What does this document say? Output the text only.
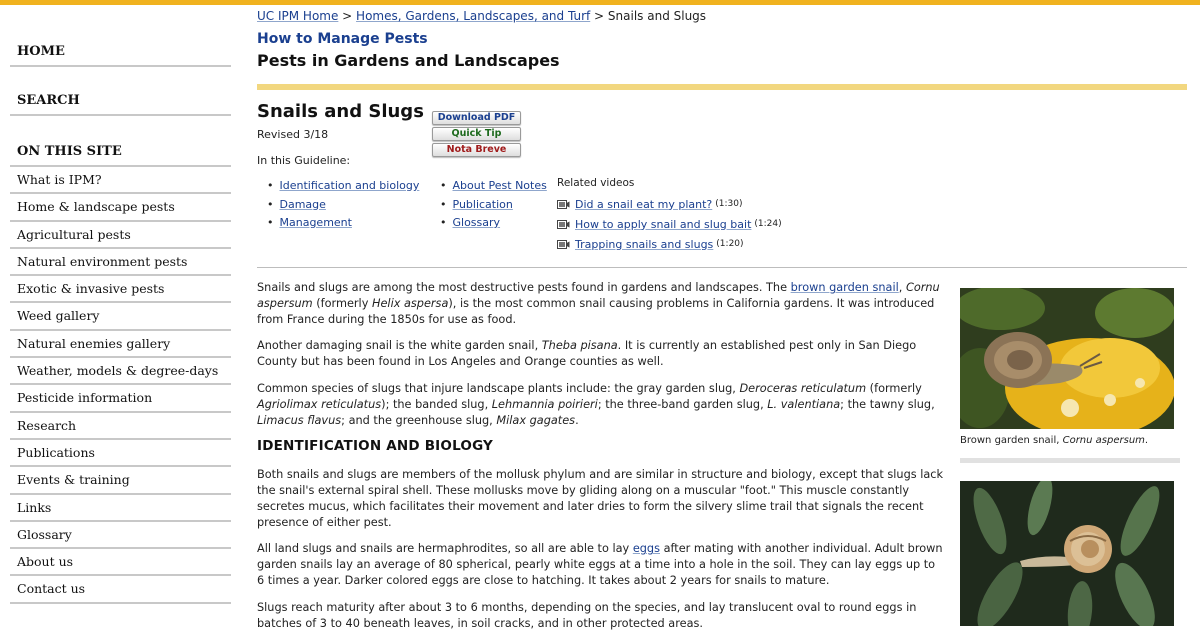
HOME
SEARCH
ON THIS SITE
What is IPM?
Home & landscape pests
Agricultural pests
Natural environment pests
Exotic & invasive pests
Weed gallery
Natural enemies gallery
Weather, models & degree-days
Pesticide information
Research
Publications
Events & training
Links
Glossary
About us
Contact us
UC IPM Home > Homes, Gardens, Landscapes, and Turf > Snails and Slugs
How to Manage Pests
Pests in Gardens and Landscapes
Snails and Slugs
Revised 3/18
In this Guideline:
Download PDF
Quick Tip
Nota Breve
• Identification and biology
• Damage
• Management
• About Pest Notes
• Publication
• Glossary
Related videos
Did a snail eat my plant? (1:30)
How to apply snail and slug bait (1:24)
Trapping snails and slugs (1:20)

Snails and slugs are among the most destructive pests found in gardens and landscapes. The brown garden snail, Cornu aspersum (formerly Helix aspersa), is the most common snail causing problems in California gardens. It was introduced from France during the 1850s for use as food.

Another damaging snail is the white garden snail, Theba pisana. It is currently an established pest only in San Diego County but has been found in Los Angeles and Orange counties as well.

Common species of slugs that injure landscape plants include: the gray garden slug, Deroceras reticulatum (formerly Agriolimax reticulatus); the banded slug, Lehmannia poirieri; the three-band garden slug, L. valentiana; the tawny slug, Limacus flavus; and the greenhouse slug, Milax gagates.

IDENTIFICATION AND BIOLOGY

Both snails and slugs are members of the mollusk phylum and are similar in structure and biology, except that slugs lack the snail's external spiral shell. These mollusks move by gliding along on a muscular "foot." This muscle constantly secretes mucus, which facilitates their movement and later dries to form the silvery slime trail that signals the recent presence of either pest.

All land slugs and snails are hermaphrodites, so all are able to lay eggs after mating with another individual. Adult brown garden snails lay an average of 80 spherical, pearly white eggs at a time into a hole in the soil. They can lay eggs up to 6 times a year. Darker colored eggs are close to hatching. It takes about 2 years for snails to mature.

Slugs reach maturity after about 3 to 6 months, depending on the species, and lay translucent oval to round eggs in batches of 3 to 40 beneath leaves, in soil cracks, and in other protected areas.

Brown garden snail, Cornu aspersum.
